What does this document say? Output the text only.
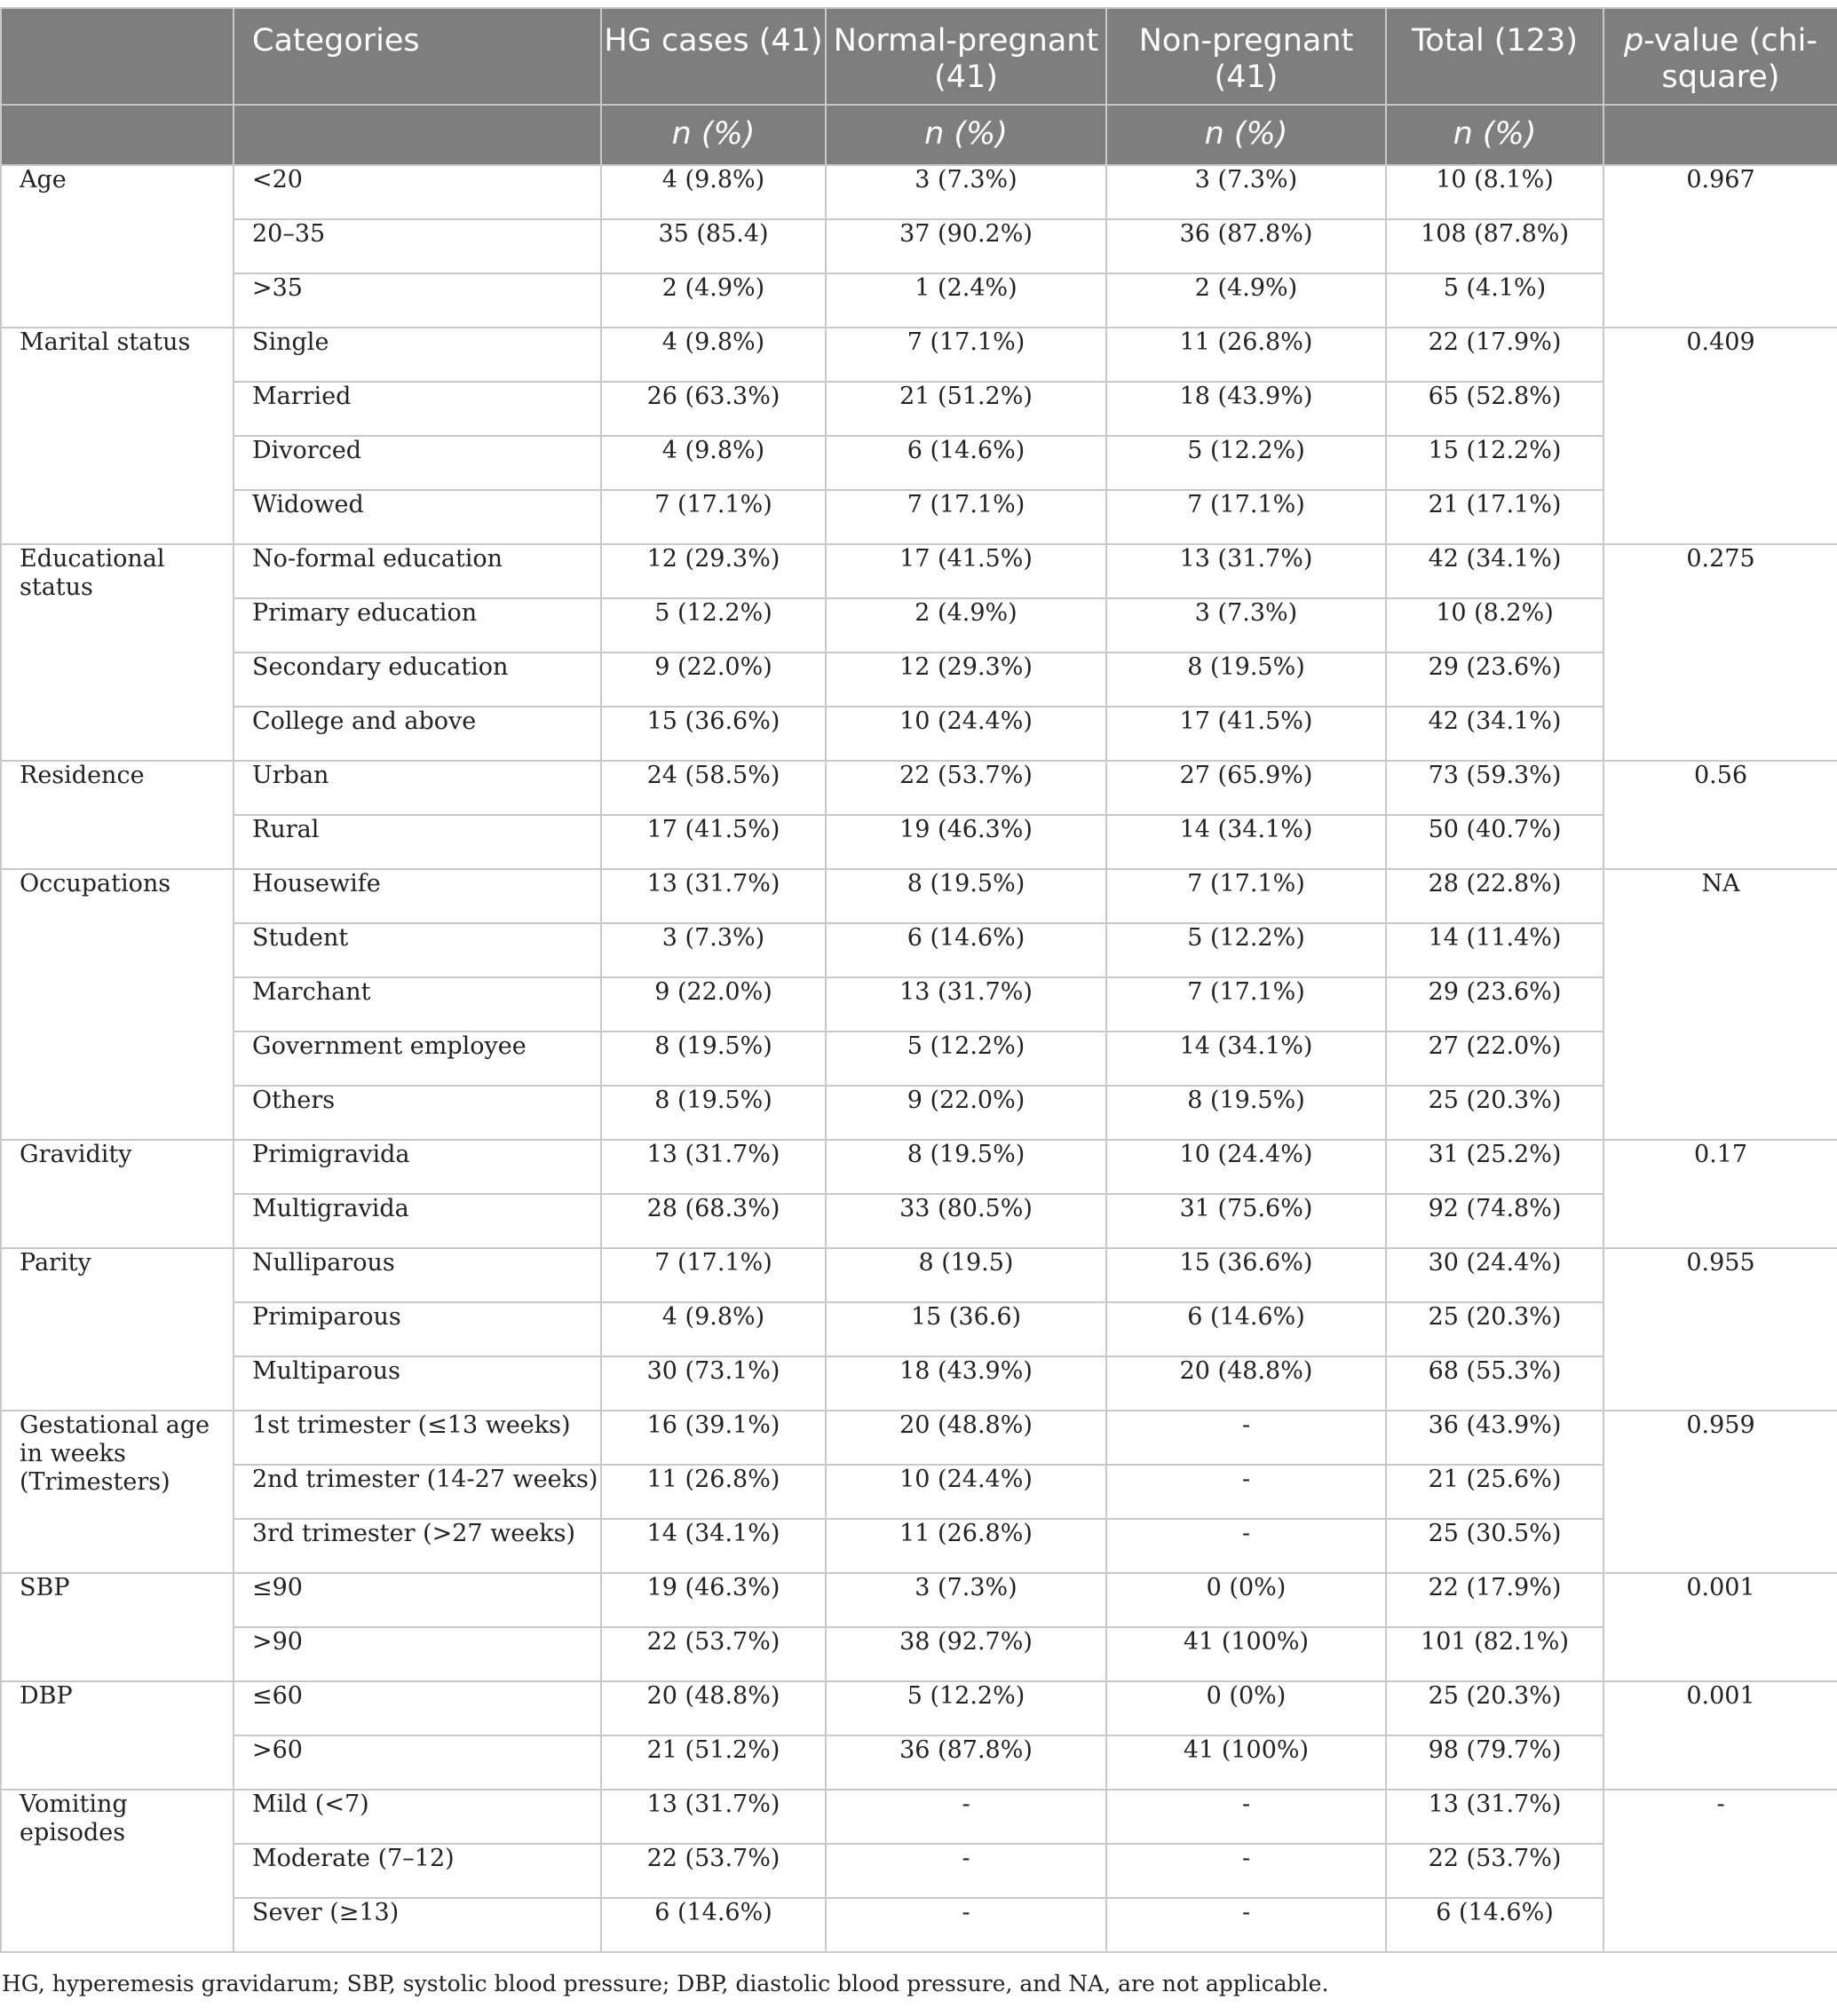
	Categories	HG cases (41)	Normal-pregnant (41)	Non-pregnant (41)	Total (123)	p-value (chi-square)
		n (%)	n (%)	n (%)	n (%)	
Age	<20	4 (9.8%)	3 (7.3%)	3 (7.3%)	10 (8.1%)	0.967
	20–35	35 (85.4)	37 (90.2%)	36 (87.8%)	108 (87.8%)	
	>35	2 (4.9%)	1 (2.4%)	2 (4.9%)	5 (4.1%)	
Marital status	Single	4 (9.8%)	7 (17.1%)	11 (26.8%)	22 (17.9%)	0.409
	Married	26 (63.3%)	21 (51.2%)	18 (43.9%)	65 (52.8%)	
	Divorced	4 (9.8%)	6 (14.6%)	5 (12.2%)	15 (12.2%)	
	Widowed	7 (17.1%)	7 (17.1%)	7 (17.1%)	21 (17.1%)	
Educational status	No-formal education	12 (29.3%)	17 (41.5%)	13 (31.7%)	42 (34.1%)	0.275
	Primary education	5 (12.2%)	2 (4.9%)	3 (7.3%)	10 (8.2%)	
	Secondary education	9 (22.0%)	12 (29.3%)	8 (19.5%)	29 (23.6%)	
	College and above	15 (36.6%)	10 (24.4%)	17 (41.5%)	42 (34.1%)	
Residence	Urban	24 (58.5%)	22 (53.7%)	27 (65.9%)	73 (59.3%)	0.56
	Rural	17 (41.5%)	19 (46.3%)	14 (34.1%)	50 (40.7%)	
Occupations	Housewife	13 (31.7%)	8 (19.5%)	7 (17.1%)	28 (22.8%)	NA
	Student	3 (7.3%)	6 (14.6%)	5 (12.2%)	14 (11.4%)	
	Marchant	9 (22.0%)	13 (31.7%)	7 (17.1%)	29 (23.6%)	
	Government employee	8 (19.5%)	5 (12.2%)	14 (34.1%)	27 (22.0%)	
	Others	8 (19.5%)	9 (22.0%)	8 (19.5%)	25 (20.3%)	
Gravidity	Primigravida	13 (31.7%)	8 (19.5%)	10 (24.4%)	31 (25.2%)	0.17
	Multigravida	28 (68.3%)	33 (80.5%)	31 (75.6%)	92 (74.8%)	
Parity	Nulliparous	7 (17.1%)	8 (19.5)	15 (36.6%)	30 (24.4%)	0.955
	Primiparous	4 (9.8%)	15 (36.6)	6 (14.6%)	25 (20.3%)	
	Multiparous	30 (73.1%)	18 (43.9%)	20 (48.8%)	68 (55.3%)	
Gestational age in weeks (Trimesters)	1st trimester (≤13 weeks)	16 (39.1%)	20 (48.8%)	-	36 (43.9%)	0.959
	2nd trimester (14-27 weeks)	11 (26.8%)	10 (24.4%)	-	21 (25.6%)	
	3rd trimester (>27 weeks)	14 (34.1%)	11 (26.8%)	-	25 (30.5%)	
SBP	≤90	19 (46.3%)	3 (7.3%)	0 (0%)	22 (17.9%)	0.001
	>90	22 (53.7%)	38 (92.7%)	41 (100%)	101 (82.1%)	
DBP	≤60	20 (48.8%)	5 (12.2%)	0 (0%)	25 (20.3%)	0.001
	>60	21 (51.2%)	36 (87.8%)	41 (100%)	98 (79.7%)	
Vomiting episodes	Mild (<7)	13 (31.7%)	-	-	13 (31.7%)	-
	Moderate (7–12)	22 (53.7%)	-	-	22 (53.7%)	
	Sever (≥13)	6 (14.6%)	-	-	6 (14.6%)	
HG, hyperemesis gravidarum; SBP, systolic blood pressure; DBP, diastolic blood pressure, and NA, are not applicable.
